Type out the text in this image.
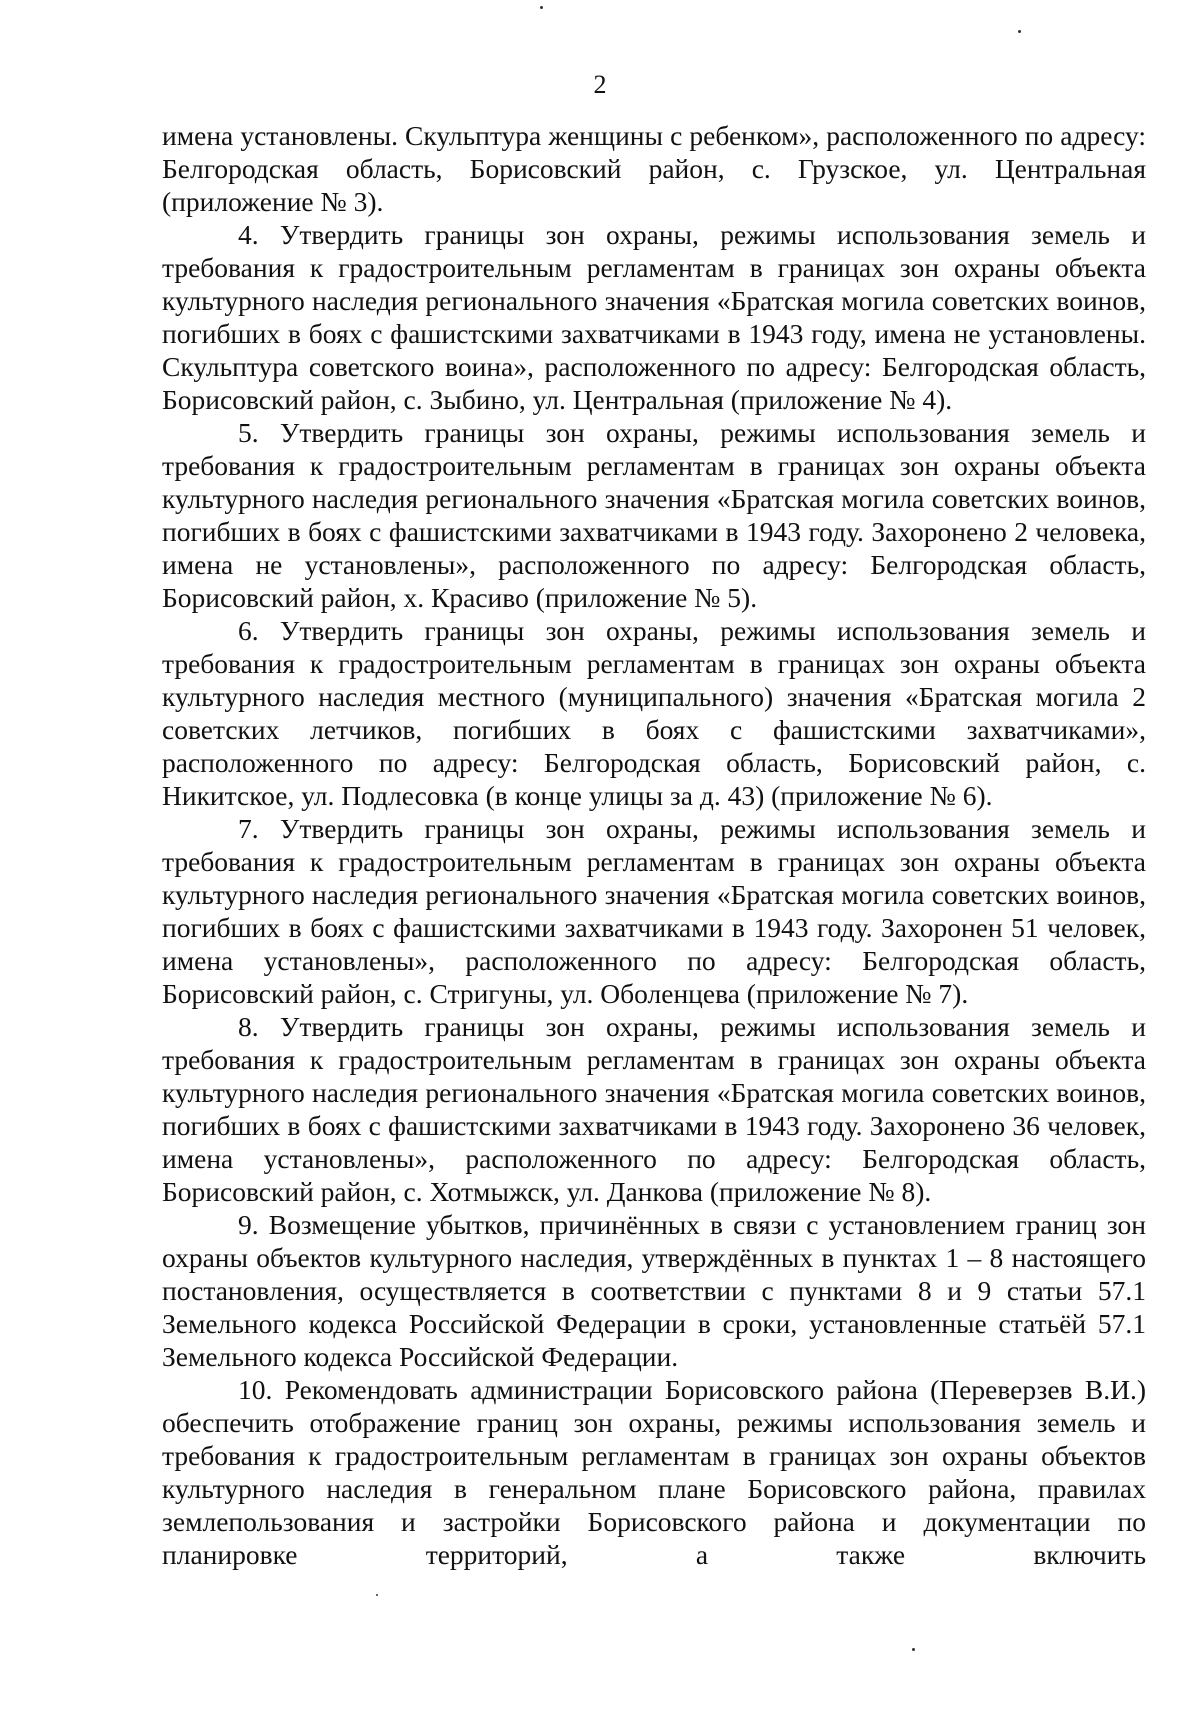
2

имена установлены. Скульптура женщины с ребенком», расположенного по адресу: Белгородская область, Борисовский район, с. Грузское, ул. Центральная (приложение № 3).

4. Утвердить границы зон охраны, режимы использования земель и требования к градостроительным регламентам в границах зон охраны объекта культурного наследия регионального значения «Братская могила советских воинов, погибших в боях с фашистскими захватчиками в 1943 году, имена не установлены. Скульптура советского воина», расположенного по адресу: Белгородская область, Борисовский район, с. Зыбино, ул. Центральная (приложение № 4).

5. Утвердить границы зон охраны, режимы использования земель и требования к градостроительным регламентам в границах зон охраны объекта культурного наследия регионального значения «Братская могила советских воинов, погибших в боях с фашистскими захватчиками в 1943 году. Захоронено 2 человека, имена не установлены», расположенного по адресу: Белгородская область, Борисовский район, х. Красиво (приложение № 5).

6. Утвердить границы зон охраны, режимы использования земель и требования к градостроительным регламентам в границах зон охраны объекта культурного наследия местного (муниципального) значения «Братская могила 2 советских летчиков, погибших в боях с фашистскими захватчиками», расположенного по адресу: Белгородская область, Борисовский район, с. Никитское, ул. Подлесовка (в конце улицы за д. 43) (приложение № 6).

7. Утвердить границы зон охраны, режимы использования земель и требования к градостроительным регламентам в границах зон охраны объекта культурного наследия регионального значения «Братская могила советских воинов, погибших в боях с фашистскими захватчиками в 1943 году. Захоронен 51 человек, имена установлены», расположенного по адресу: Белгородская область, Борисовский район, с. Стригуны, ул. Оболенцева (приложение № 7).

8. Утвердить границы зон охраны, режимы использования земель и требования к градостроительным регламентам в границах зон охраны объекта культурного наследия регионального значения «Братская могила советских воинов, погибших в боях с фашистскими захватчиками в 1943 году. Захоронено 36 человек, имена установлены», расположенного по адресу: Белгородская область, Борисовский район, с. Хотмыжск, ул. Данкова (приложение № 8).

9. Возмещение убытков, причинённых в связи с установлением границ зон охраны объектов культурного наследия, утверждённых в пунктах 1 – 8 настоящего постановления, осуществляется в соответствии с пунктами 8 и 9 статьи 57.1 Земельного кодекса Российской Федерации в сроки, установленные статьёй 57.1 Земельного кодекса Российской Федерации.

10. Рекомендовать администрации Борисовского района (Переверзев В.И.) обеспечить отображение границ зон охраны, режимы использования земель и требования к градостроительным регламентам в границах зон охраны объектов культурного наследия в генеральном плане Борисовского района, правилах землепользования и застройки Борисовского района и документации по планировке территорий, а также включить
